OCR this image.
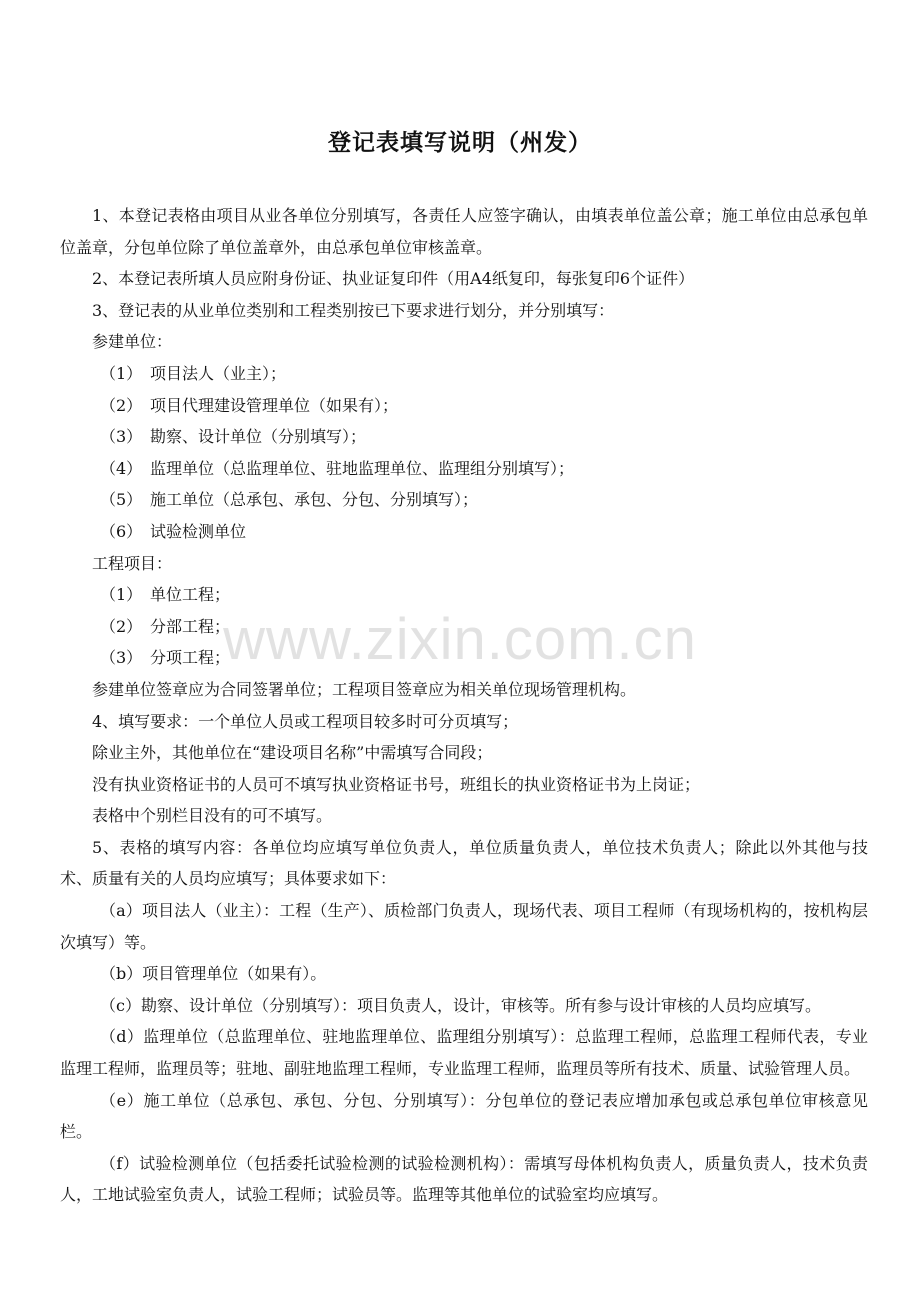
登记表填写说明（州发）

1、本登记表格由项目从业各单位分别填写，各责任人应签字确认，由填表单位盖公章；施工单位由总承包单位盖章，分包单位除了单位盖章外，由总承包单位审核盖章。

2、本登记表所填人员应附身份证、执业证复印件（用A4纸复印，每张复印6个证件）

3、登记表的从业单位类别和工程类别按已下要求进行划分，并分别填写：

参建单位：

（1） 项目法人（业主）；

（2） 项目代理建设管理单位（如果有）；

（3） 勘察、设计单位（分别填写）；

（4） 监理单位（总监理单位、驻地监理单位、监理组分别填写）；

（5） 施工单位（总承包、承包、分包、分别填写）；

（6） 试验检测单位

工程项目：

（1） 单位工程；

（2） 分部工程；

（3） 分项工程；

参建单位签章应为合同签署单位；工程项目签章应为相关单位现场管理机构。

4、填写要求：一个单位人员或工程项目较多时可分页填写；

除业主外，其他单位在“建设项目名称”中需填写合同段；

没有执业资格证书的人员可不填写执业资格证书号，班组长的执业资格证书为上岗证；

表格中个别栏目没有的可不填写。

5、表格的填写内容：各单位均应填写单位负责人，单位质量负责人，单位技术负责人；除此以外其他与技术、质量有关的人员均应填写；具体要求如下：

（a）项目法人（业主）：工程（生产）、质检部门负责人，现场代表、项目工程师（有现场机构的，按机构层次填写）等。

（b）项目管理单位（如果有）。

（c）勘察、设计单位（分别填写）：项目负责人，设计，审核等。所有参与设计审核的人员均应填写。

（d）监理单位（总监理单位、驻地监理单位、监理组分别填写）：总监理工程师，总监理工程师代表，专业监理工程师，监理员等；驻地、副驻地监理工程师，专业监理工程师，监理员等所有技术、质量、试验管理人员。

（e）施工单位（总承包、承包、分包、分别填写）：分包单位的登记表应增加承包或总承包单位审核意见栏。

（f）试验检测单位（包括委托试验检测的试验检测机构）：需填写母体机构负责人，质量负责人，技术负责人，工地试验室负责人，试验工程师；试验员等。监理等其他单位的试验室均应填写。

www.zixin.com.cn
